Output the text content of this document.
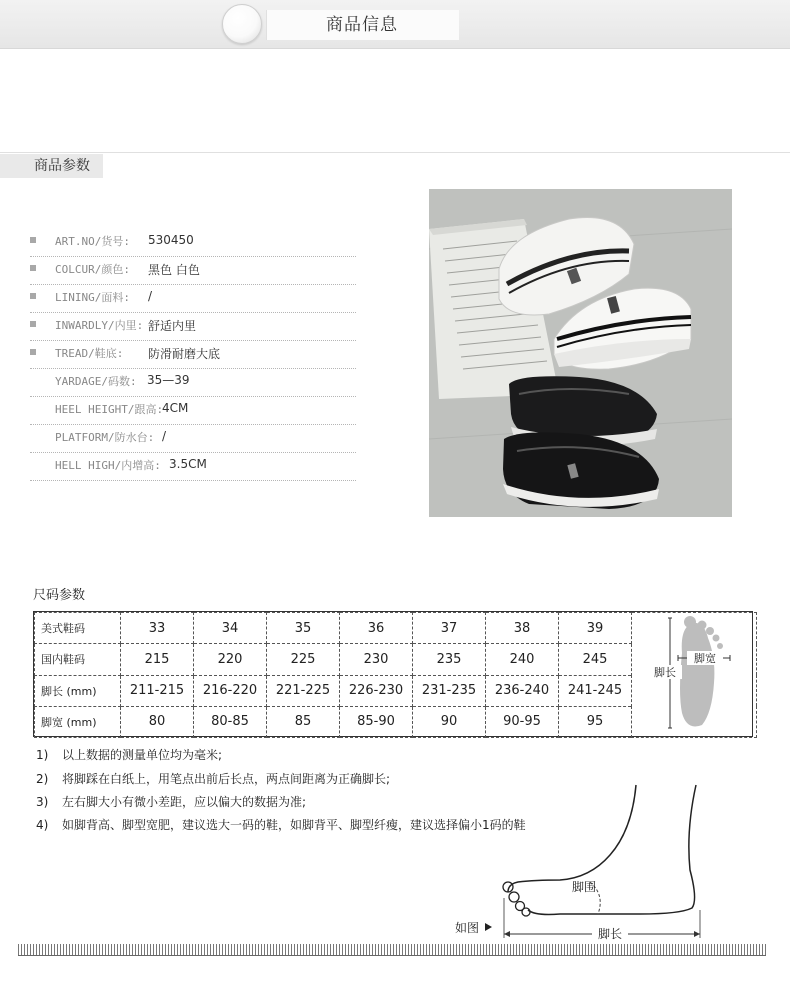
商品信息
商品参数
ART.NO/货号: 530450
COLCUR/颜色: 黑色 白色
LINING/面料: /
INWARDLY/内里: 舒适内里
TREAD/鞋底: 防滑耐磨大底
YARDAGE/码数: 35—39
HEEL HEIGHT/跟高:
4CM
PLATFORM/防水台: /
HELL HIGH/内增高: 3.5CM
尺码参数
美式鞋码	33	34	35	36	37	38	39	脚宽
脚长

国内鞋码	215	220	225	230	235	240	245	
脚长 (mm)	211-215	216-220	221-225	226-230	231-235	236-240	241-245	
脚宽 (mm)	80	80-85	85	85-90	90	90-95	95	
1) 以上数据的测量单位均为毫米;
2) 将脚踩在白纸上，用笔点出前后长点，两点间距离为正确脚长;
3) 左右脚大小有微小差距，应以偏大的数据为准;
4) 如脚背高、脚型宽肥，建议选大一码的鞋，如脚背平、脚型纤瘦，建议选择偏小1码的鞋
脚围
脚长
如图
